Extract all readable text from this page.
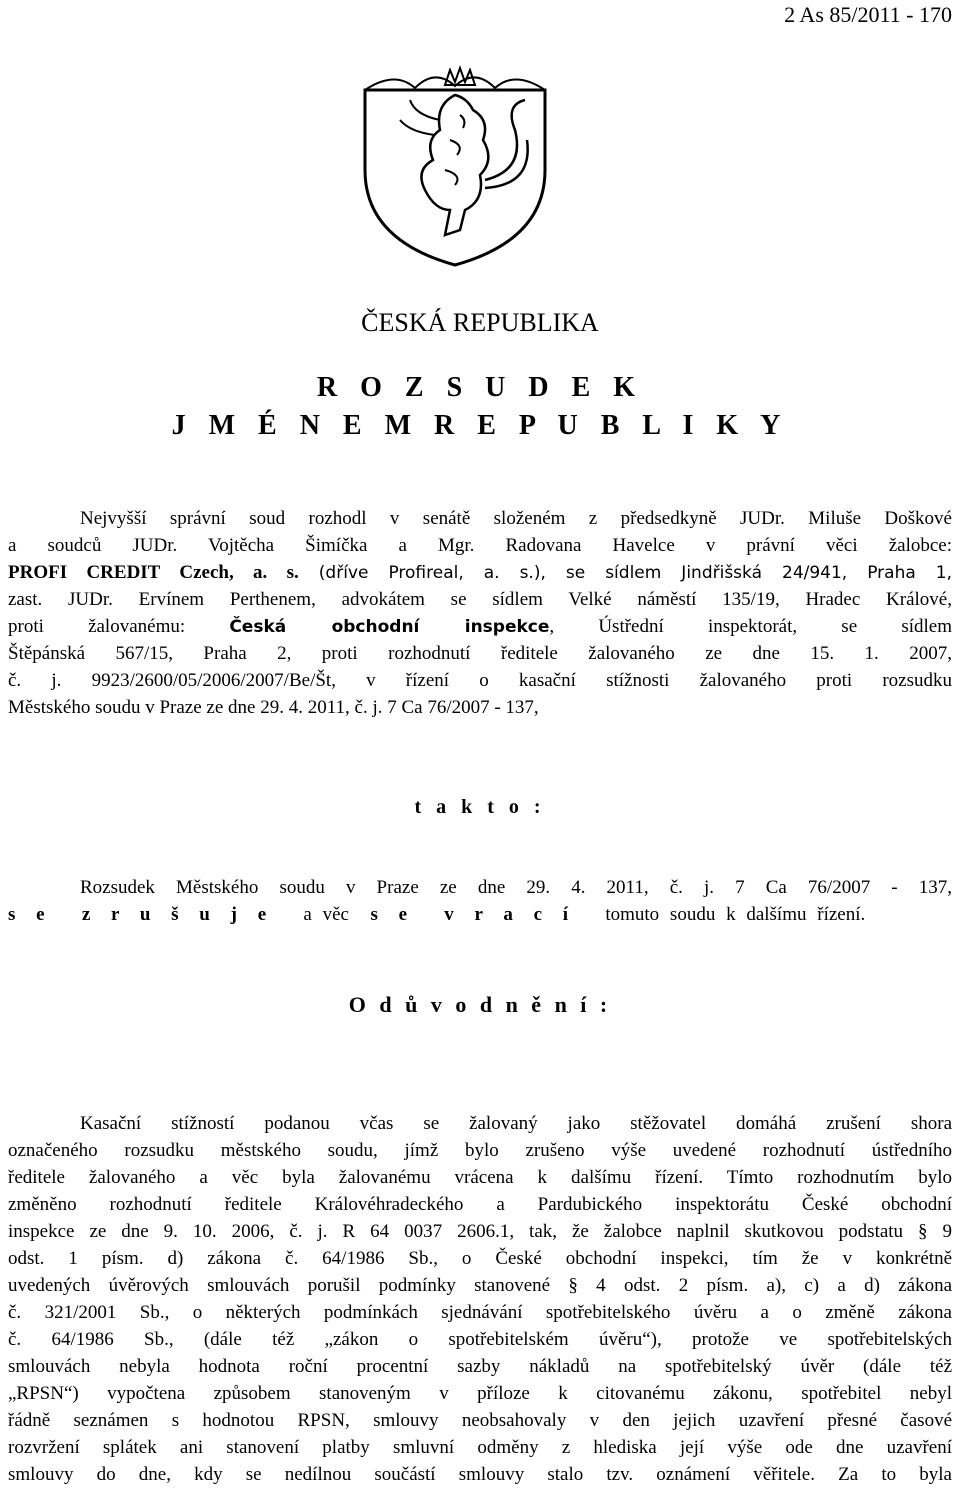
2 As 85/2011 - 170
ČESKÁ REPUBLIKA
R O Z S U D E K
J M É N E M R E P U B L I K Y
Nejvyšší správní soud rozhodl v senátě složeném z předsedkyně JUDr. Miluše Doškové
a soudců JUDr. Vojtěcha Šimíčka a Mgr. Radovana Havelce v právní věci žalobce:
PROFI CREDIT Czech, a. s. (dříve Profireal, a. s.), se sídlem Jindřišská 24/941, Praha 1,
zast. JUDr. Ervínem Perthenem, advokátem se sídlem Velké náměstí 135/19, Hradec Králové,
proti žalovanému: Česká obchodní inspekce, Ústřední inspektorát, se sídlem
Štěpánská 567/15, Praha 2, proti rozhodnutí ředitele žalovaného ze dne 15. 1. 2007,
č. j. 9923/2600/05/2006/2007/Be/Št, v řízení o kasační stížnosti žalovaného proti rozsudku
Městského soudu v Praze ze dne 29. 4. 2011, č. j. 7 Ca 76/2007 - 137,
t a k t o :
Rozsudek Městského soudu v Praze ze dne 29. 4. 2011, č. j. 7 Ca 76/2007 - 137,
s e z r u š u j e a věc s e v r a c í tomuto soudu k dalšímu řízení.
O d ů v o d n ě n í :
Kasační stížností podanou včas se žalovaný jako stěžovatel domáhá zrušení shora
označeného rozsudku městského soudu, jímž bylo zrušeno výše uvedené rozhodnutí ústředního
ředitele žalovaného a věc byla žalovanému vrácena k dalšímu řízení. Tímto rozhodnutím bylo
změněno rozhodnutí ředitele Královéhradeckého a Pardubického inspektorátu České obchodní
inspekce ze dne 9. 10. 2006, č. j. R 64 0037 2606.1, tak, že žalobce naplnil skutkovou podstatu § 9
odst. 1 písm. d) zákona č. 64/1986 Sb., o České obchodní inspekci, tím že v konkrétně
uvedených úvěrových smlouvách porušil podmínky stanovené § 4 odst. 2 písm. a), c) a d) zákona
č. 321/2001 Sb., o některých podmínkách sjednávání spotřebitelského úvěru a o změně zákona
č. 64/1986 Sb., (dále též „zákon o spotřebitelském úvěru“), protože ve spotřebitelských
smlouvách nebyla hodnota roční procentní sazby nákladů na spotřebitelský úvěr (dále též
„RPSN“) vypočtena způsobem stanoveným v příloze k citovanému zákonu, spotřebitel nebyl
řádně seznámen s hodnotou RPSN, smlouvy neobsahovaly v den jejich uzavření přesné časové
rozvržení splátek ani stanovení platby smluvní odměny z hlediska její výše ode dne uzavření
smlouvy do dne, kdy se nedílnou součástí smlouvy stalo tzv. oznámení věřitele. Za to byla
